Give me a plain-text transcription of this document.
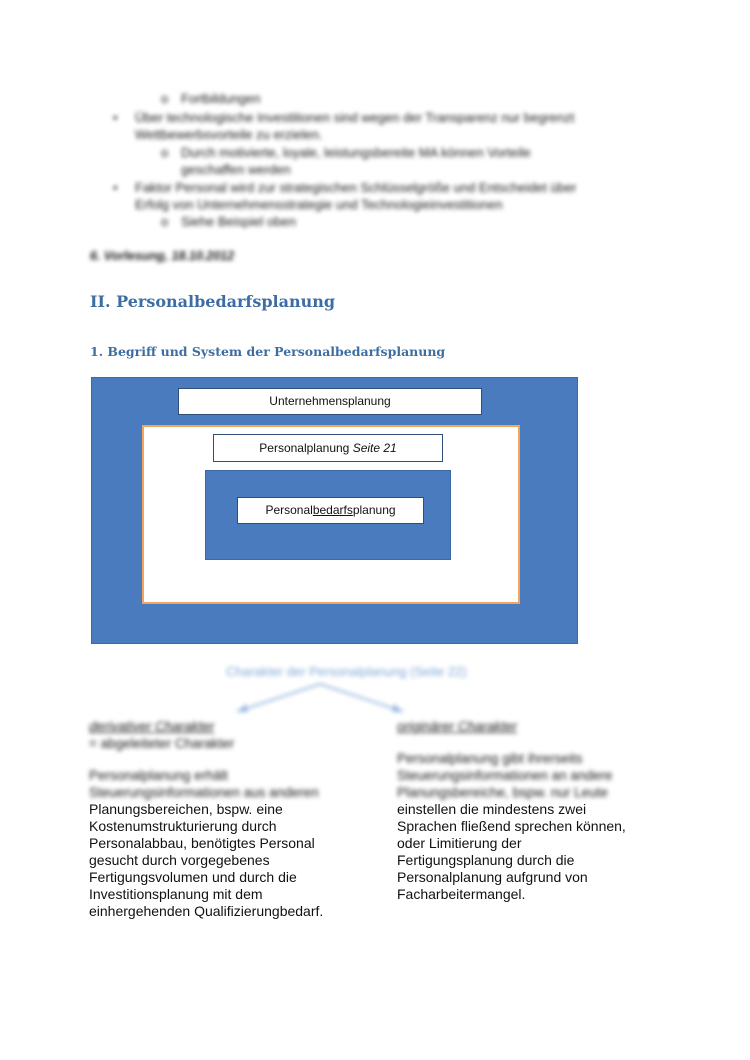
o Fortbildungen
• Über technologische Investitionen sind wegen der Transparenz nur begrenzt
Wettbewerbsvorteile zu erzielen.
o Durch motivierte, loyale, leistungsbereite MA können Vorteile
geschaffen werden
• Faktor Personal wird zur strategischen Schlüsselgröße und Entscheidet über
Erfolg von Unternehmensstrategie und Technologieinvestitionen
o Siehe Beispiel oben
6. Vorlesung, 18.10.2012
II. Personalbedarfsplanung
1. Begriff und System der Personalbedarfsplanung
Unternehmensplanung
Personalplanung Seite 21
Personalbedarfsplanung
Charakter der Personalplanung (Seite 22)
derivativer Charakter
= abgeleiteter Charakter
Personalplanung erhält
Steuerungsinformationen aus anderen
Planungsbereichen, bspw. eine
Kostenumstrukturierung durch
Personalabbau, benötigtes Personal
gesucht durch vorgegebenes
Fertigungsvolumen und durch die
Investitionsplanung mit dem
einhergehenden Qualifizierungbedarf.
originärer Charakter
Personalplanung gibt ihrerseits
Steuerungsinformationen an andere
Planungsbereiche, bspw. nur Leute
einstellen die mindestens zwei
Sprachen fließend sprechen können,
oder Limitierung der
Fertigungsplanung durch die
Personalplanung aufgrund von
Facharbeitermangel.
